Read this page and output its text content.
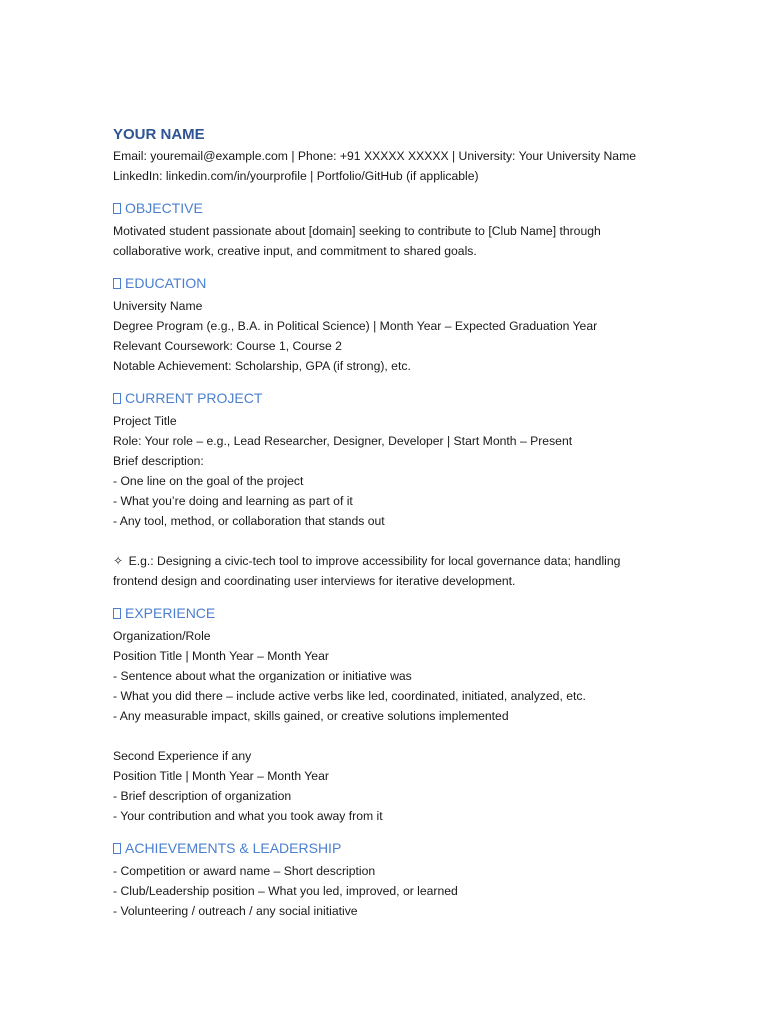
YOUR NAME

Email: youremail@example.com | Phone: +91 XXXXX XXXXX | University: Your University Name

LinkedIn: linkedin.com/in/yourprofile | Portfolio/GitHub (if applicable)

OBJECTIVE

Motivated student passionate about [domain] seeking to contribute to [Club Name] through

collaborative work, creative input, and commitment to shared goals.

EDUCATION

University Name

Degree Program (e.g., B.A. in Political Science) | Month Year – Expected Graduation Year

Relevant Coursework: Course 1, Course 2

Notable Achievement: Scholarship, GPA (if strong), etc.

CURRENT PROJECT

Project Title

Role: Your role – e.g., Lead Researcher, Designer, Developer | Start Month – Present

Brief description:

- One line on the goal of the project

- What you’re doing and learning as part of it

- Any tool, method, or collaboration that stands out

✧ E.g.: Designing a civic-tech tool to improve accessibility for local governance data; handling

frontend design and coordinating user interviews for iterative development.

EXPERIENCE

Organization/Role

Position Title | Month Year – Month Year

- Sentence about what the organization or initiative was

- What you did there – include active verbs like led, coordinated, initiated, analyzed, etc.

- Any measurable impact, skills gained, or creative solutions implemented

Second Experience if any

Position Title | Month Year – Month Year

- Brief description of organization

- Your contribution and what you took away from it

ACHIEVEMENTS & LEADERSHIP

- Competition or award name – Short description

- Club/Leadership position – What you led, improved, or learned

- Volunteering / outreach / any social initiative
